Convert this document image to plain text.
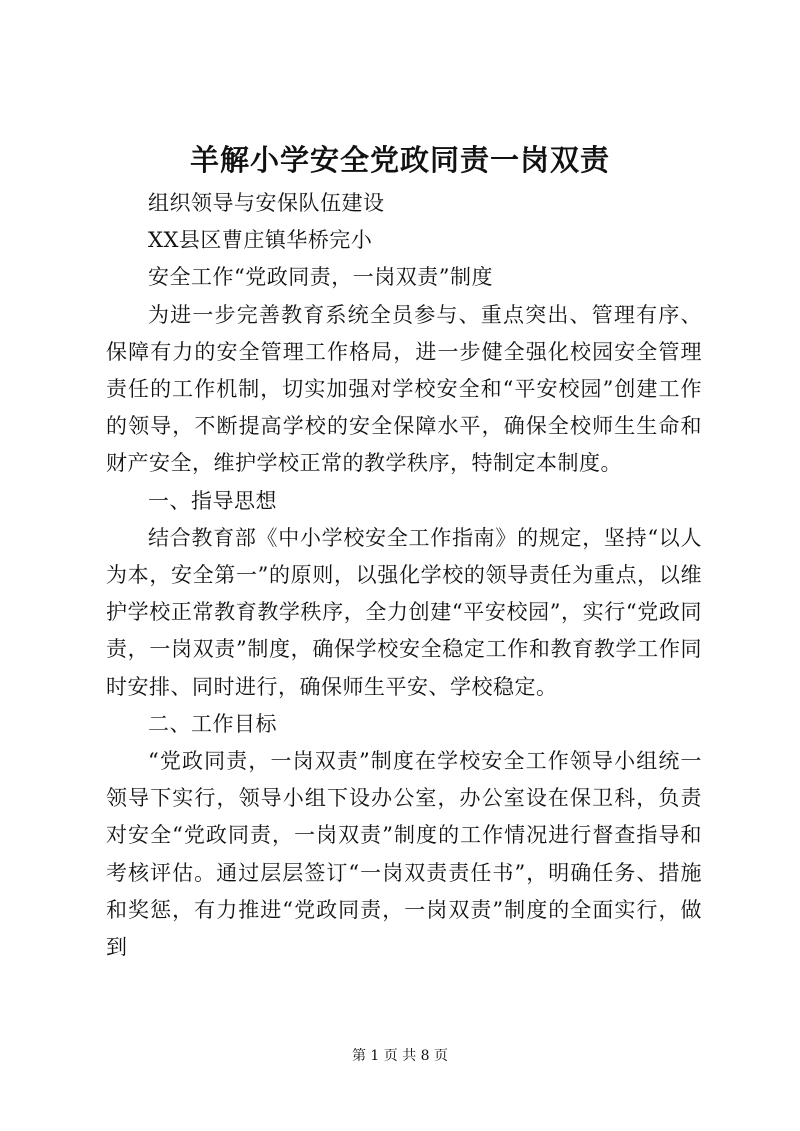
羊解小学安全党政同责一岗双责

组织领导与安保队伍建设

XX县区曹庄镇华桥完小

安全工作“党政同责，一岗双责”制度

为进一步完善教育系统全员参与、重点突出、管理有序、保障有力的安全管理工作格局，进一步健全强化校园安全管理责任的工作机制，切实加强对学校安全和“平安校园”创建工作的领导，不断提高学校的安全保障水平，确保全校师生生命和财产安全，维护学校正常的教学秩序，特制定本制度。

一、指导思想

结合教育部《中小学校安全工作指南》的规定，坚持“以人为本，安全第一”的原则，以强化学校的领导责任为重点，以维护学校正常教育教学秩序，全力创建“平安校园”，实行“党政同责，一岗双责”制度，确保学校安全稳定工作和教育教学工作同时安排、同时进行，确保师生平安、学校稳定。

二、工作目标

“党政同责，一岗双责”制度在学校安全工作领导小组统一领导下实行，领导小组下设办公室，办公室设在保卫科，负责对安全“党政同责，一岗双责”制度的工作情况进行督查指导和考核评估。通过层层签订“一岗双责责任书”，明确任务、措施和奖惩，有力推进“党政同责，一岗双责”制度的全面实行，做到

第 1 页 共 8 页
